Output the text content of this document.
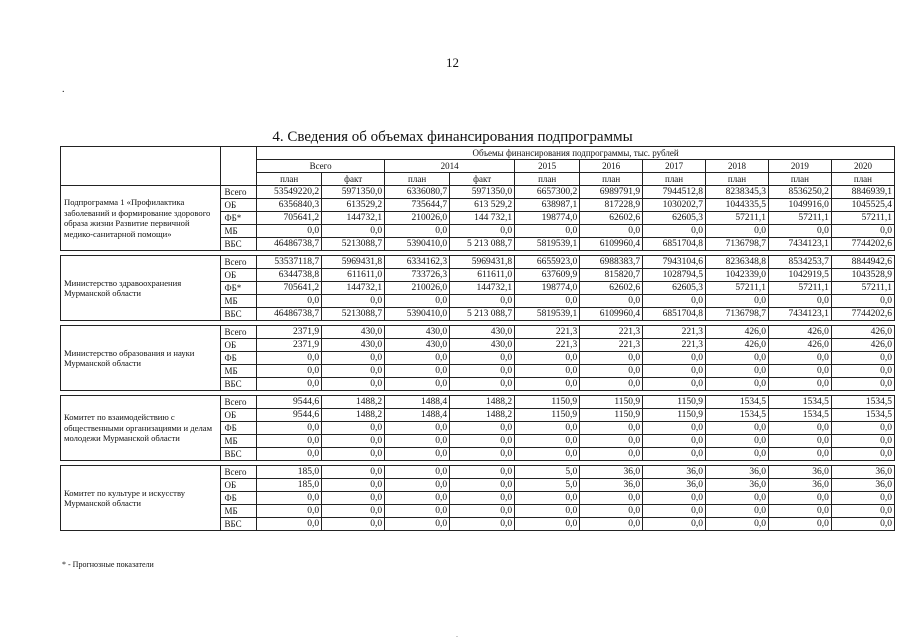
12
.
4. Сведения об объемах финансирования подпрограммы
		Объемы финансирования подпрограммы, тыс. рублей									
		Всего		2014		2015	2016	2017	2018	2019	2020
		план	факт	план	факт	план	план	план	план	план	план
Подпрограмма 1 «Профилактика заболеваний и формирование здорового образа жизни Развитие первичной медико-санитарной помощи»	Всего	53549220,2	5971350,0	6336080,7	5971350,0	6657300,2	6989791,9	7944512,8	8238345,3	8536250,2	8846939,1
	ОБ	6356840,3	613529,2	735644,7	613 529,2	638987,1	817228,9	1030202,7	1044335,5	1049916,0	1045525,4
	ФБ*	705641,2	144732,1	210026,0	144 732,1	198774,0	62602,6	62605,3	57211,1	57211,1	57211,1
	МБ	0,0	0,0	0,0	0,0	0,0	0,0	0,0	0,0	0,0	0,0
	ВБС	46486738,7	5213088,7	5390410,0	5 213 088,7	5819539,1	6109960,4	6851704,8	7136798,7	7434123,1	7744202,6

Министерство здравоохранения Мурманской области	Всего	53537118,7	5969431,8	6334162,3	5969431,8	6655923,0	6988383,7	7943104,6	8236348,8	8534253,7	8844942,6
	ОБ	6344738,8	611611,0	733726,3	611611,0	637609,9	815820,7	1028794,5	1042339,0	1042919,5	1043528,9
	ФБ*	705641,2	144732,1	210026,0	144732,1	198774,0	62602,6	62605,3	57211,1	57211,1	57211,1
	МБ	0,0	0,0	0,0	0,0	0,0	0,0	0,0	0,0	0,0	0,0
	ВБС	46486738,7	5213088,7	5390410,0	5 213 088,7	5819539,1	6109960,4	6851704,8	7136798,7	7434123,1	7744202,6

Министерство образования и науки Мурманской области	Всего	2371,9	430,0	430,0	430,0	221,3	221,3	221,3	426,0	426,0	426,0
	ОБ	2371,9	430,0	430,0	430,0	221,3	221,3	221,3	426,0	426,0	426,0
	ФБ	0,0	0,0	0,0	0,0	0,0	0,0	0,0	0,0	0,0	0,0
	МБ	0,0	0,0	0,0	0,0	0,0	0,0	0,0	0,0	0,0	0,0
	ВБС	0,0	0,0	0,0	0,0	0,0	0,0	0,0	0,0	0,0	0,0

Комитет по взаимодействию с общественными организациями и делам молодежи Мурманской области	Всего	9544,6	1488,2	1488,4	1488,2	1150,9	1150,9	1150,9	1534,5	1534,5	1534,5
	ОБ	9544,6	1488,2	1488,4	1488,2	1150,9	1150,9	1150,9	1534,5	1534,5	1534,5
	ФБ	0,0	0,0	0,0	0,0	0,0	0,0	0,0	0,0	0,0	0,0
	МБ	0,0	0,0	0,0	0,0	0,0	0,0	0,0	0,0	0,0	0,0
	ВБС	0,0	0,0	0,0	0,0	0,0	0,0	0,0	0,0	0,0	0,0

Комитет по культуре и искусству Мурманской области	Всего	185,0	0,0	0,0	0,0	5,0	36,0	36,0	36,0	36,0	36,0
	ОБ	185,0	0,0	0,0	0,0	5,0	36,0	36,0	36,0	36,0	36,0
	ФБ	0,0	0,0	0,0	0,0	0,0	0,0	0,0	0,0	0,0	0,0
	МБ	0,0	0,0	0,0	0,0	0,0	0,0	0,0	0,0	0,0	0,0
	ВБС	0,0	0,0	0,0	0,0	0,0	0,0	0,0	0,0	0,0	0,0
* - Прогнозные показатели
.
